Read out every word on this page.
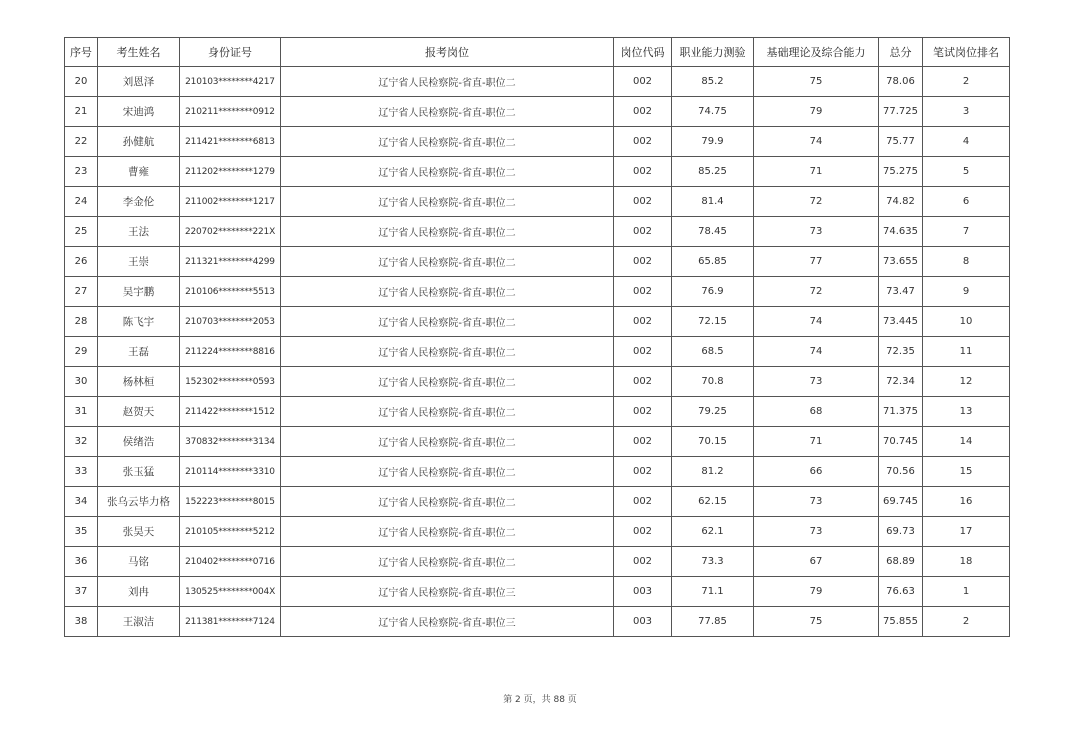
序号	考生姓名	身份证号	报考岗位	岗位代码	职业能力测验	基础理论及综合能力	总分	笔试岗位排名
20	刘恩泽	210103********4217	辽宁省人民检察院-省直-职位二	002	85.2	75	78.06	2
21	宋迪鸿	210211********0912	辽宁省人民检察院-省直-职位二	002	74.75	79	77.725	3
22	孙健航	211421********6813	辽宁省人民检察院-省直-职位二	002	79.9	74	75.77	4
23	曹雍	211202********1279	辽宁省人民检察院-省直-职位二	002	85.25	71	75.275	5
24	李金伦	211002********1217	辽宁省人民检察院-省直-职位二	002	81.4	72	74.82	6
25	王法	220702********221X	辽宁省人民检察院-省直-职位二	002	78.45	73	74.635	7
26	王崇	211321********4299	辽宁省人民检察院-省直-职位二	002	65.85	77	73.655	8
27	吴宇鹏	210106********5513	辽宁省人民检察院-省直-职位二	002	76.9	72	73.47	9
28	陈飞宇	210703********2053	辽宁省人民检察院-省直-职位二	002	72.15	74	73.445	10
29	王磊	211224********8816	辽宁省人民检察院-省直-职位二	002	68.5	74	72.35	11
30	杨林桓	152302********0593	辽宁省人民检察院-省直-职位二	002	70.8	73	72.34	12
31	赵贺天	211422********1512	辽宁省人民检察院-省直-职位二	002	79.25	68	71.375	13
32	侯绪浩	370832********3134	辽宁省人民检察院-省直-职位二	002	70.15	71	70.745	14
33	张玉猛	210114********3310	辽宁省人民检察院-省直-职位二	002	81.2	66	70.56	15
34	张乌云毕力格	152223********8015	辽宁省人民检察院-省直-职位二	002	62.15	73	69.745	16
35	张昊天	210105********5212	辽宁省人民检察院-省直-职位二	002	62.1	73	69.73	17
36	马铭	210402********0716	辽宁省人民检察院-省直-职位二	002	73.3	67	68.89	18
37	刘冉	130525********004X	辽宁省人民检察院-省直-职位三	003	71.1	79	76.63	1
38	王淑洁	211381********7124	辽宁省人民检察院-省直-职位三	003	77.85	75	75.855	2
第 2 页，共 88 页
